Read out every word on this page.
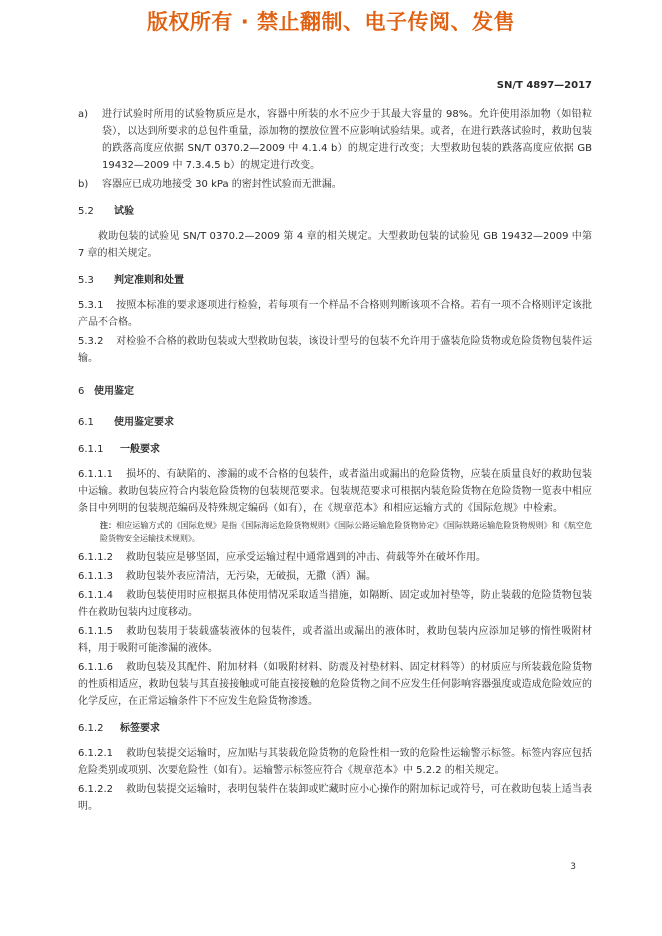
版权所有 · 禁止翻制、电子传阅、发售
SN/T 4897—2017
a) 进行试验时所用的试验物质应是水，容器中所装的水不应少于其最大容量的 98%。允许使用添加物（如铅粒袋），以达到所要求的总包件重量，添加物的摆放位置不应影响试验结果。或者，在进行跌落试验时，救助包装的跌落高度应依据 SN/T 0370.2—2009 中 4.1.4 b）的规定进行改变；大型救助包装的跌落高度应依据 GB 19432—2009 中 7.3.4.5 b）的规定进行改变。
b) 容器应已成功地接受 30 kPa 的密封性试验而无泄漏。
5.2 试验
救助包装的试验见 SN/T 0370.2—2009 第 4 章的相关规定。大型救助包装的试验见 GB 19432—2009 中第 7 章的相关规定。
5.3 判定准则和处置
5.3.1 按照本标准的要求逐项进行检验，若每项有一个样品不合格则判断该项不合格。若有一项不合格则评定该批产品不合格。
5.3.2 对检验不合格的救助包装或大型救助包装，该设计型号的包装不允许用于盛装危险货物或危险货物包装件运输。
6 使用鉴定
6.1 使用鉴定要求
6.1.1 一般要求
6.1.1.1 损坏的、有缺陷的、渗漏的或不合格的包装件，或者溢出或漏出的危险货物，应装在质量良好的救助包装中运输。救助包装应符合内装危险货物的包装规范要求。包装规范要求可根据内装危险货物在危险货物一览表中相应条目中列明的包装规范编码及特殊规定编码（如有），在《规章范本》和相应运输方式的《国际危规》中检索。
注：相应运输方式的《国际危规》是指《国际海运危险货物规则》《国际公路运输危险货物协定》《国际铁路运输危险货物规则》和《航空危险货物安全运输技术规则》。
6.1.1.2 救助包装应是够坚固，应承受运输过程中通常遇到的冲击、荷载等外在破坏作用。
6.1.1.3 救助包装外表应清洁，无污染，无破损，无撒（洒）漏。
6.1.1.4 救助包装使用时应根据具体使用情况采取适当措施，如隔断、固定或加衬垫等，防止装载的危险货物包装件在救助包装内过度移动。
6.1.1.5 救助包装用于装载盛装液体的包装件，或者溢出或漏出的液体时，救助包装内应添加足够的惰性吸附材料，用于吸附可能渗漏的液体。
6.1.1.6 救助包装及其配件、附加材料（如吸附材料、防震及衬垫材料、固定材料等）的材质应与所装载危险货物的性质相适应，救助包装与其直接接触或可能直接接触的危险货物之间不应发生任何影响容器强度或造成危险效应的化学反应，在正常运输条件下不应发生危险货物渗透。
6.1.2 标签要求
6.1.2.1 救助包装提交运输时，应加贴与其装载危险货物的危险性相一致的危险性运输警示标签。标签内容应包括危险类别或项别、次要危险性（如有）。运输警示标签应符合《规章范本》中 5.2.2 的相关规定。
6.1.2.2 救助包装提交运输时，表明包装件在装卸或贮藏时应小心操作的附加标记或符号，可在救助包装上适当表明。
3
